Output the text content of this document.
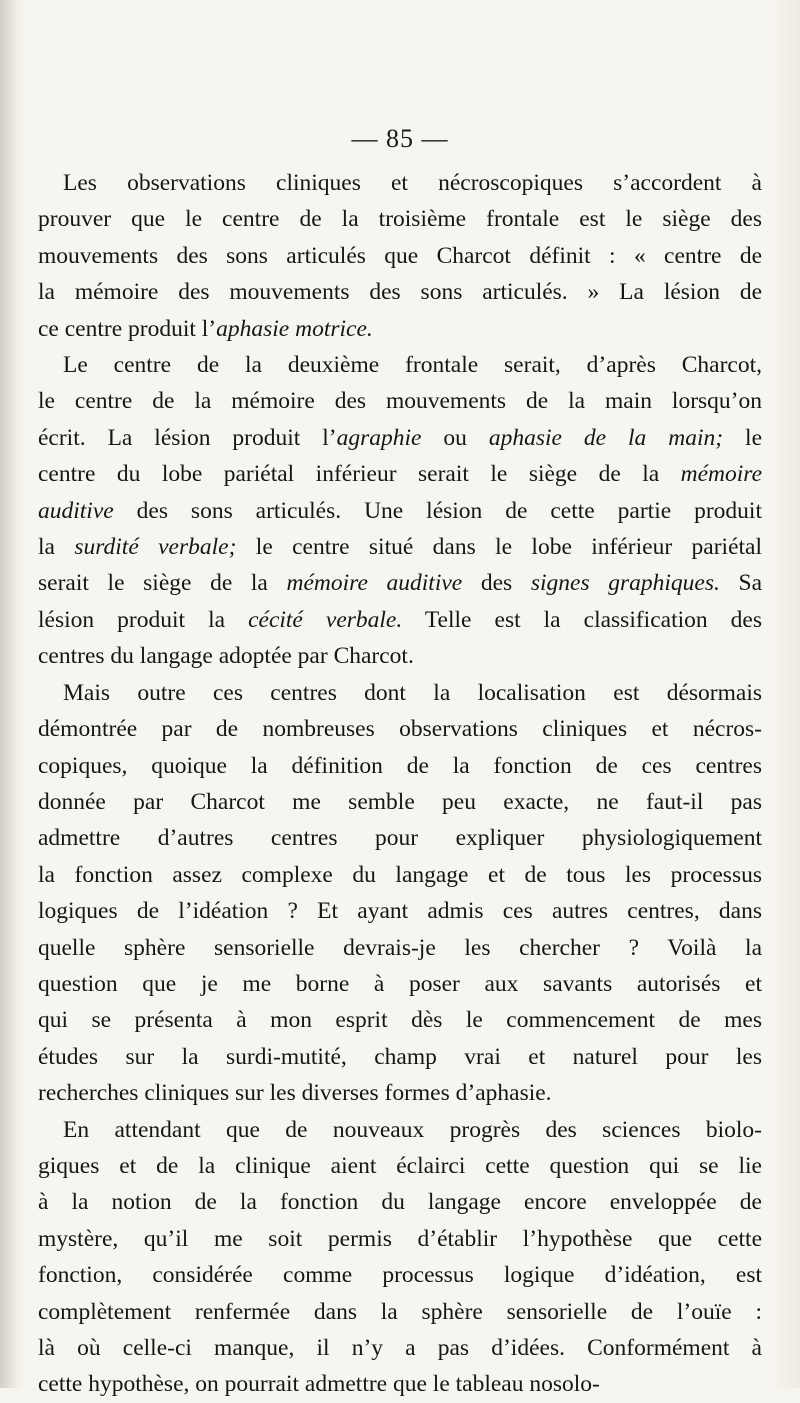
— 85 —
Les observations cliniques et nécroscopiques s’accordent à
prouver que le centre de la troisième frontale est le siège des
mouvements des sons articulés que Charcot définit : « centre de
la mémoire des mouvements des sons articulés. » La lésion de
ce centre produit l’aphasie motrice.
Le centre de la deuxième frontale serait, d’après Charcot,
le centre de la mémoire des mouvements de la main lorsqu’on
écrit. La lésion produit l’agraphie ou aphasie de la main; le
centre du lobe pariétal inférieur serait le siège de la mémoire
auditive des sons articulés. Une lésion de cette partie produit
la surdité verbale; le centre situé dans le lobe inférieur pariétal
serait le siège de la mémoire auditive des signes graphiques. Sa
lésion produit la cécité verbale. Telle est la classification des
centres du langage adoptée par Charcot.
Mais outre ces centres dont la localisation est désormais
démontrée par de nombreuses observations cliniques et nécros-
copiques, quoique la définition de la fonction de ces centres
donnée par Charcot me semble peu exacte, ne faut-il pas
admettre d’autres centres pour expliquer physiologiquement
la fonction assez complexe du langage et de tous les processus
logiques de l’idéation ? Et ayant admis ces autres centres, dans
quelle sphère sensorielle devrais-je les chercher ? Voilà la
question que je me borne à poser aux savants autorisés et
qui se présenta à mon esprit dès le commencement de mes
études sur la surdi-mutité, champ vrai et naturel pour les
recherches cliniques sur les diverses formes d’aphasie.
En attendant que de nouveaux progrès des sciences biolo-
giques et de la clinique aient éclairci cette question qui se lie
à la notion de la fonction du langage encore enveloppée de
mystère, qu’il me soit permis d’établir l’hypothèse que cette
fonction, considérée comme processus logique d’idéation, est
complètement renfermée dans la sphère sensorielle de l’ouïe :
là où celle-ci manque, il n’y a pas d’idées. Conformément à
cette hypothèse, on pourrait admettre que le tableau nosolo-
